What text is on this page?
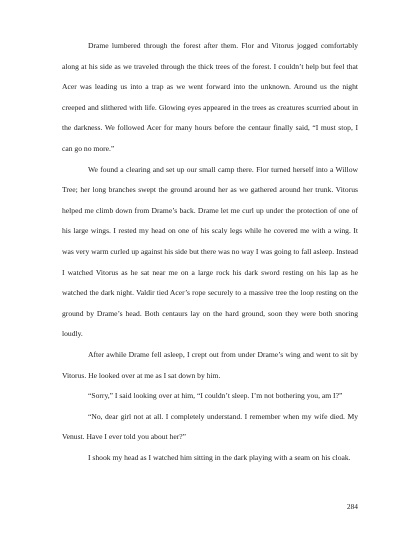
Drame lumbered through the forest after them. Flor and Vitorus jogged comfortably along at his side as we traveled through the thick trees of the forest. I couldn’t help but feel that Acer was leading us into a trap as we went forward into the unknown. Around us the night creeped and slithered with life. Glowing eyes appeared in the trees as creatures scurried about in the darkness. We followed Acer for many hours before the centaur finally said, “I must stop, I can go no more.”

We found a clearing and set up our small camp there. Flor turned herself into a Willow Tree; her long branches swept the ground around her as we gathered around her trunk. Vitorus helped me climb down from Drame’s back. Drame let me curl up under the protection of one of his large wings. I rested my head on one of his scaly legs while he covered me with a wing. It was very warm curled up against his side but there was no way I was going to fall asleep. Instead I watched Vitorus as he sat near me on a large rock his dark sword resting on his lap as he watched the dark night. Valdir tied Acer’s rope securely to a massive tree the loop resting on the ground by Drame’s head. Both centaurs lay on the hard ground, soon they were both snoring loudly.

After awhile Drame fell asleep, I crept out from under Drame’s wing and went to sit by Vitorus. He looked over at me as I sat down by him.

“Sorry,” I said looking over at him, “I couldn’t sleep. I’m not bothering you, am I?”

“No, dear girl not at all. I completely understand. I remember when my wife died. My Venust. Have I ever told you about her?”

I shook my head as I watched him sitting in the dark playing with a seam on his cloak.

284
